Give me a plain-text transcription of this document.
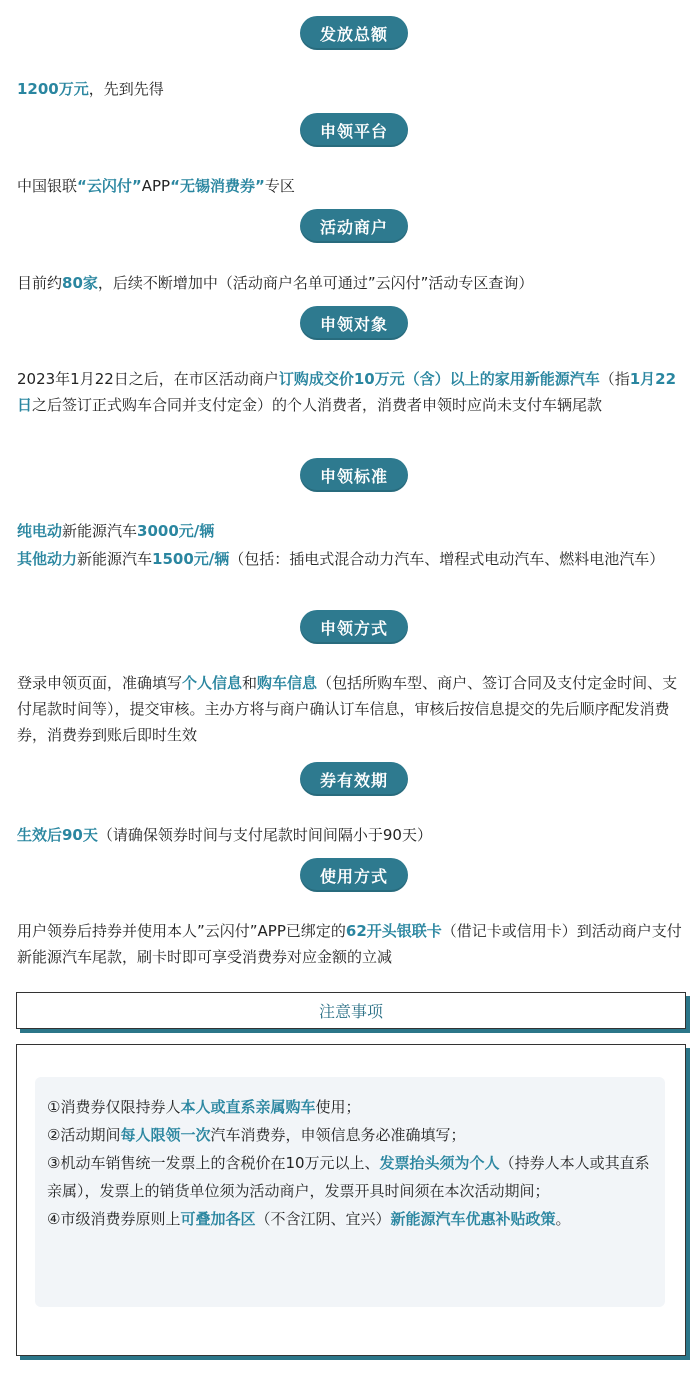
发放总额
申领平台
活动商户
申领对象
申领标准
申领方式
券有效期
使用方式
1200万元，先到先得
中国银联“云闪付”APP“无锡消费券”专区
目前约80家，后续不断增加中（活动商户名单可通过”云闪付”活动专区查询）
2023年1月22日之后，在市区活动商户订购成交价10万元（含）以上的家用新能源汽车（指1月22日之后签订正式购车合同并支付定金）的个人消费者，消费者申领时应尚未支付车辆尾款
纯电动新能源汽车3000元/辆
其他动力新能源汽车1500元/辆（包括：插电式混合动力汽车、增程式电动汽车、燃料电池汽车）
登录申领页面，准确填写个人信息和购车信息（包括所购车型、商户、签订合同及支付定金时间、支付尾款时间等），提交审核。主办方将与商户确认订车信息，审核后按信息提交的先后顺序配发消费券，消费券到账后即时生效
生效后90天（请确保领券时间与支付尾款时间间隔小于90天）
用户领券后持券并使用本人”云闪付”APP已绑定的62开头银联卡（借记卡或信用卡）到活动商户支付新能源汽车尾款，刷卡时即可享受消费券对应金额的立减
注意事项
①消费券仅限持券人本人或直系亲属购车使用；
②活动期间每人限领一次汽车消费券，申领信息务必准确填写；
③机动车销售统一发票上的含税价在10万元以上、发票抬头须为个人（持券人本人或其直系亲属），发票上的销货单位须为活动商户，发票开具时间须在本次活动期间；
④市级消费券原则上可叠加各区（不含江阴、宜兴）新能源汽车优惠补贴政策。
